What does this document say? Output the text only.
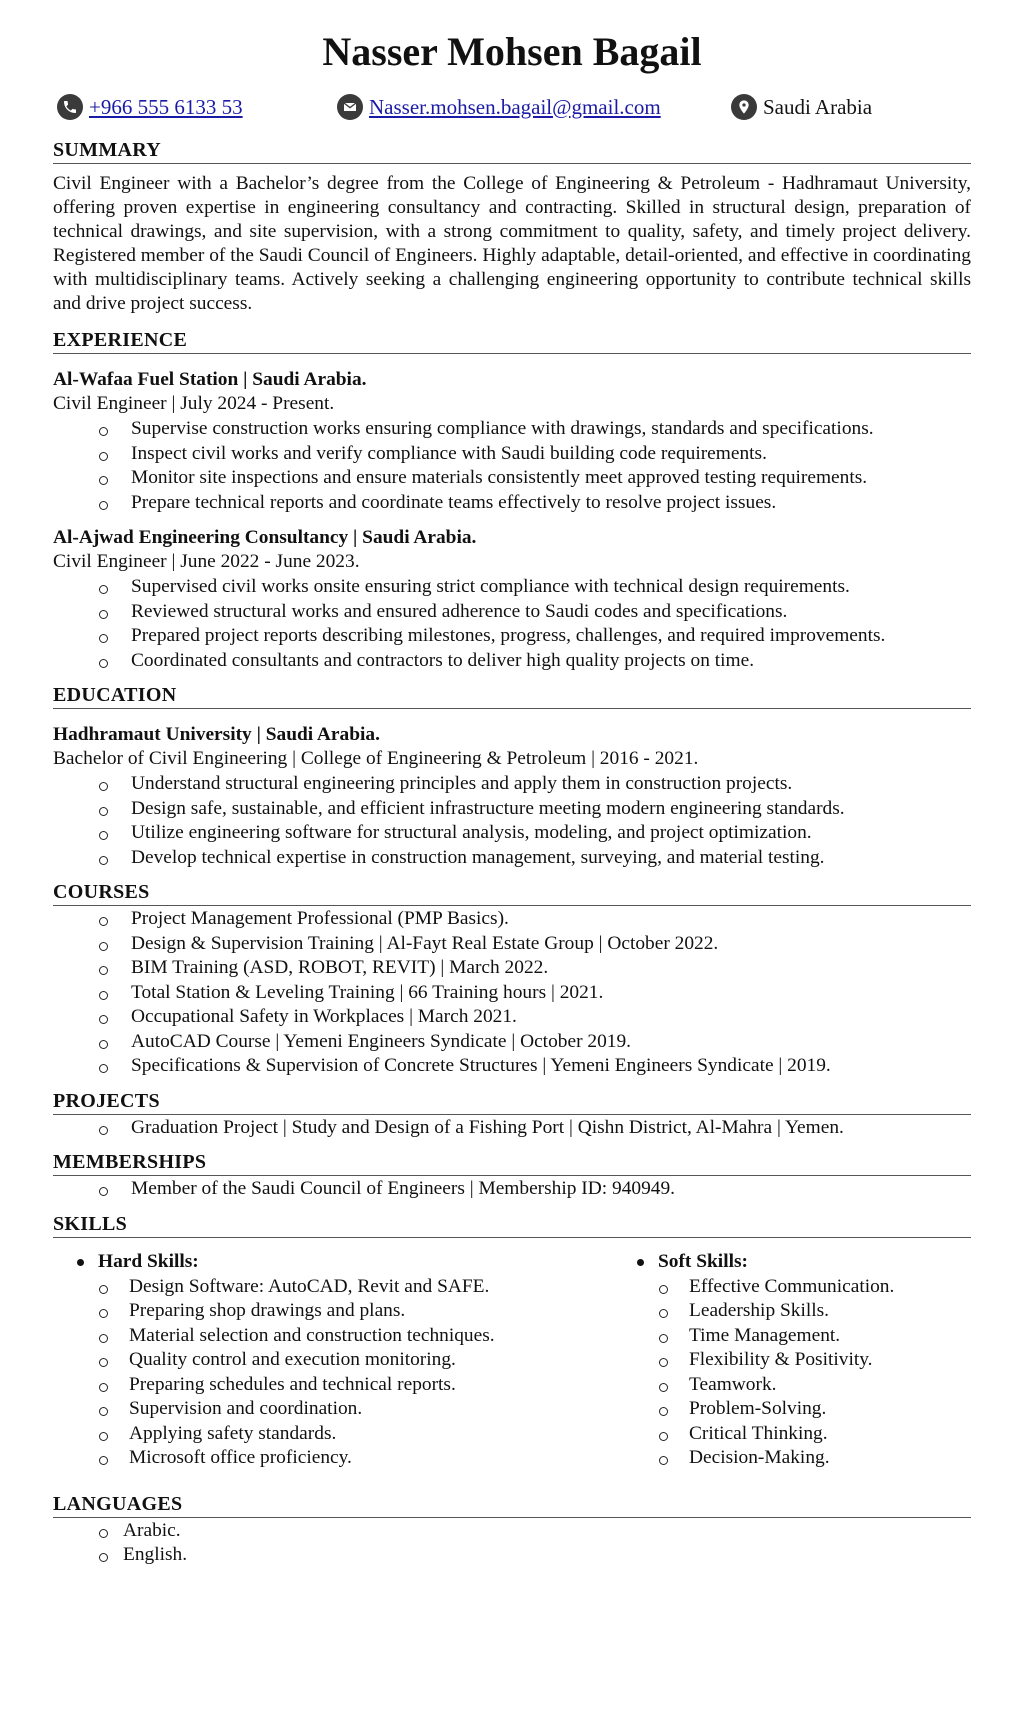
Nasser Mohsen Bagail
+966 555 6133 53	Nasser.mohsen.bagail@gmail.com	Saudi Arabia
SUMMARY
Civil Engineer with a Bachelor’s degree from the College of Engineering & Petroleum - Hadhramaut University, offering proven expertise in engineering consultancy and contracting. Skilled in structural design, preparation of technical drawings, and site supervision, with a strong commitment to quality, safety, and timely project delivery. Registered member of the Saudi Council of Engineers. Highly adaptable, detail-oriented, and effective in coordinating with multidisciplinary teams. Actively seeking a challenging engineering opportunity to contribute technical skills and drive project success.
EXPERIENCE
Al-Wafaa Fuel Station | Saudi Arabia.
Civil Engineer | July 2024 - Present.
Supervise construction works ensuring compliance with drawings, standards and specifications.
Inspect civil works and verify compliance with Saudi building code requirements.
Monitor site inspections and ensure materials consistently meet approved testing requirements.
Prepare technical reports and coordinate teams effectively to resolve project issues.
Al-Ajwad Engineering Consultancy | Saudi Arabia.
Civil Engineer | June 2022 - June 2023.
Supervised civil works onsite ensuring strict compliance with technical design requirements.
Reviewed structural works and ensured adherence to Saudi codes and specifications.
Prepared project reports describing milestones, progress, challenges, and required improvements.
Coordinated consultants and contractors to deliver high quality projects on time.
EDUCATION
Hadhramaut University | Saudi Arabia.
Bachelor of Civil Engineering | College of Engineering & Petroleum | 2016 - 2021.
Understand structural engineering principles and apply them in construction projects.
Design safe, sustainable, and efficient infrastructure meeting modern engineering standards.
Utilize engineering software for structural analysis, modeling, and project optimization.
Develop technical expertise in construction management, surveying, and material testing.
COURSES
Project Management Professional (PMP Basics).
Design & Supervision Training | Al-Fayt Real Estate Group | October 2022.
BIM Training (ASD, ROBOT, REVIT) | March 2022.
Total Station & Leveling Training | 66 Training hours | 2021.
Occupational Safety in Workplaces | March 2021.
AutoCAD Course | Yemeni Engineers Syndicate | October 2019.
Specifications & Supervision of Concrete Structures | Yemeni Engineers Syndicate | 2019.
PROJECTS
Graduation Project | Study and Design of a Fishing Port | Qishn District, Al-Mahra | Yemen.
MEMBERSHIPS
Member of the Saudi Council of Engineers | Membership ID: 940949.
SKILLS
Hard Skills:
Design Software: AutoCAD, Revit and SAFE.
Preparing shop drawings and plans.
Material selection and construction techniques.
Quality control and execution monitoring.
Preparing schedules and technical reports.
Supervision and coordination.
Applying safety standards.
Microsoft office proficiency.
Soft Skills:
Effective Communication.
Leadership Skills.
Time Management.
Flexibility & Positivity.
Teamwork.
Problem-Solving.
Critical Thinking.
Decision-Making.
LANGUAGES
Arabic.
English.
